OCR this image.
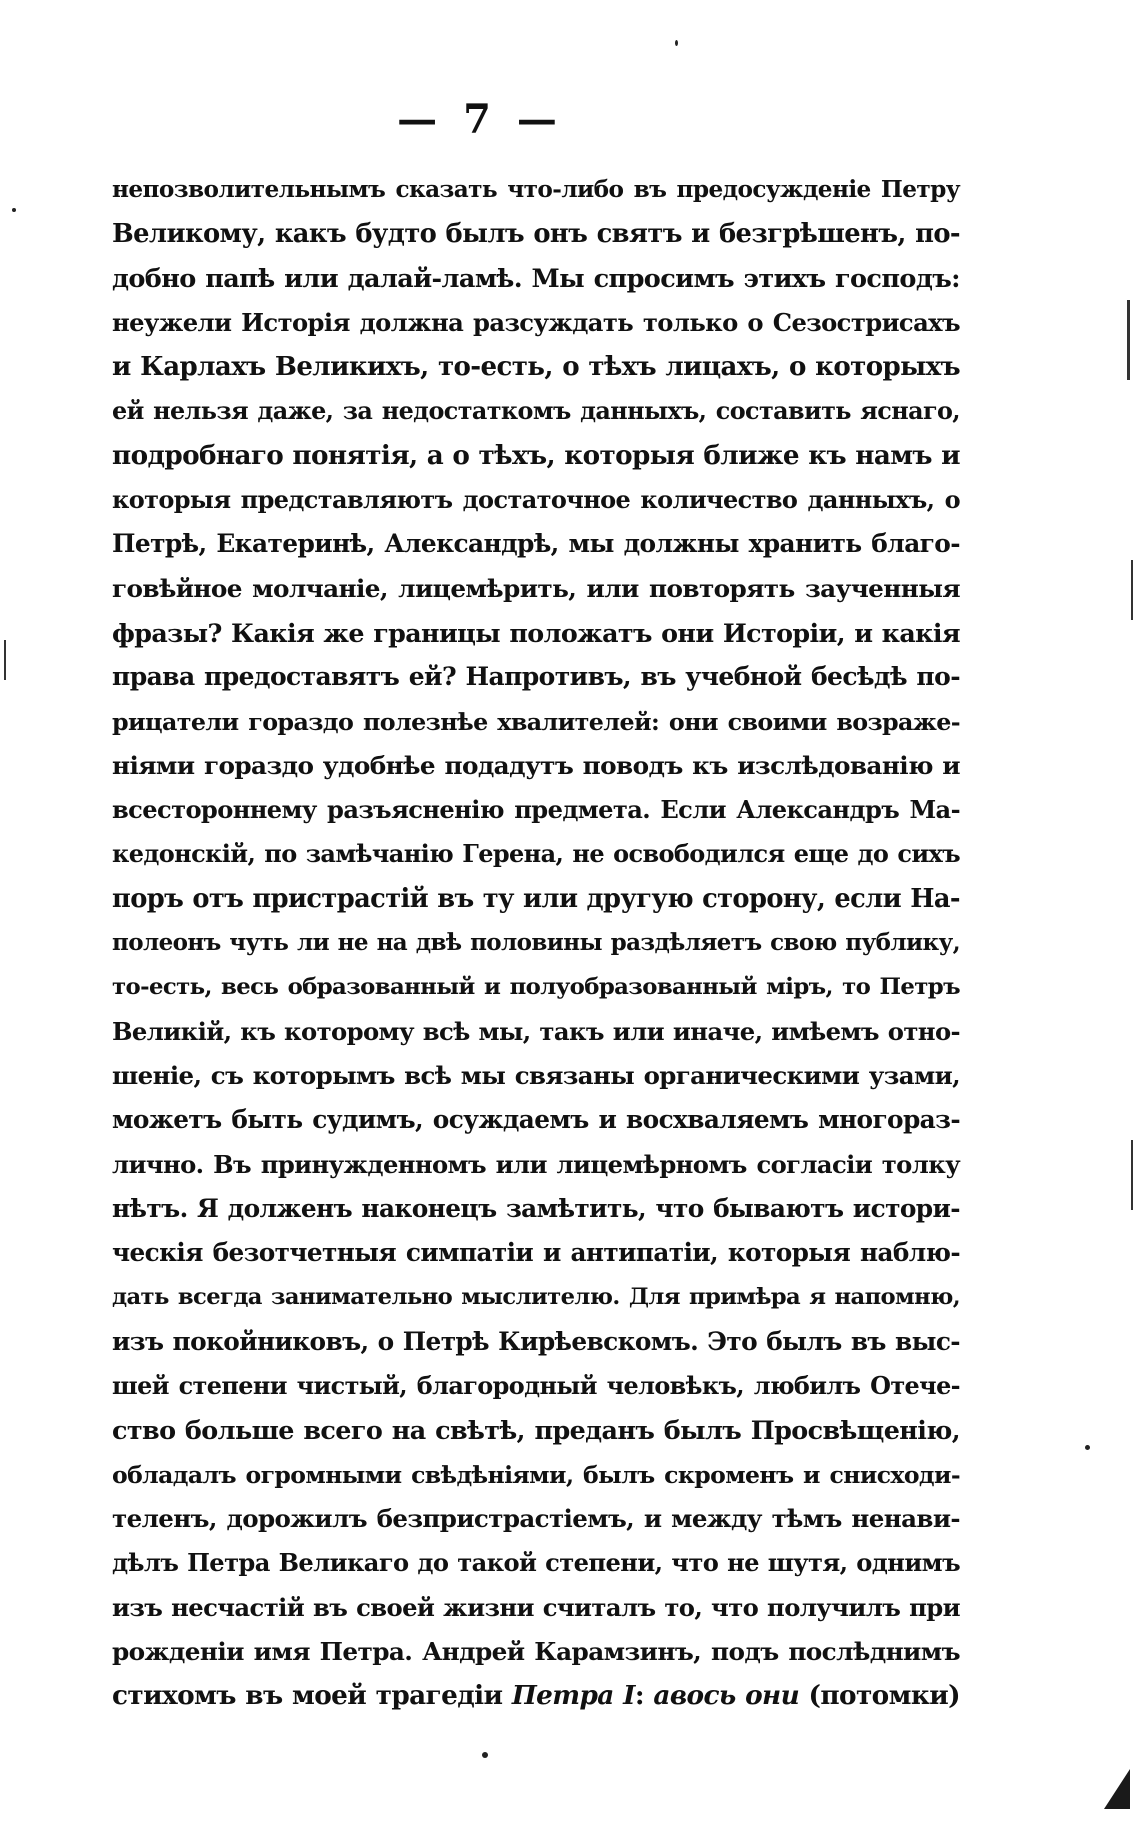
— 7 —
непозволительнымъ сказать что-либо въ предосужденіе Петру
Великому, какъ будто былъ онъ святъ и безгрѣшенъ, по-
добно папѣ или далай-ламѣ. Мы спросимъ этихъ господъ:
неужели Исторія должна разсуждать только о Сезострисахъ
и Карлахъ Великихъ, то-есть, о тѣхъ лицахъ, о которыхъ
ей нельзя даже, за недостаткомъ данныхъ, составить яснаго,
подробнаго понятія, а о тѣхъ, которыя ближе къ намъ и
которыя представляютъ достаточное количество данныхъ, о
Петрѣ, Екатеринѣ, Александрѣ, мы должны хранить благо-
говѣйное молчаніе, лицемѣрить, или повторять заученныя
фразы? Какія же границы положатъ они Исторіи, и какія
права предоставятъ ей? Напротивъ, въ учебной бесѣдѣ по-
рицатели гораздо полезнѣе хвалителей: они своими возраже-
ніями гораздо удобнѣе подадутъ поводъ къ изслѣдованію и
всестороннему разъясненію предмета. Если Александръ Ма-
кедонскій, по замѣчанію Герена, не освободился еще до сихъ
поръ отъ пристрастій въ ту или другую сторону, если На-
полеонъ чуть ли не на двѣ половины раздѣляетъ свою публику,
то-есть, весь образованный и полуобразованный міръ, то Петръ
Великій, къ которому всѣ мы, такъ или иначе, имѣемъ отно-
шеніе, съ которымъ всѣ мы связаны органическими узами,
можетъ быть судимъ, осуждаемъ и восхваляемъ многораз-
лично. Въ принужденномъ или лицемѣрномъ согласіи толку
нѣтъ. Я долженъ наконецъ замѣтить, что бываютъ истори-
ческія безотчетныя симпатіи и антипатіи, которыя наблю-
дать всегда занимательно мыслителю. Для примѣра я напомню,
изъ покойниковъ, о Петрѣ Кирѣевскомъ. Это былъ въ выс-
шей степени чистый, благородный человѣкъ, любилъ Отече-
ство больше всего на свѣтѣ, преданъ былъ Просвѣщенію,
обладалъ огромными свѣдѣніями, былъ скроменъ и снисходи-
теленъ, дорожилъ безпристрастіемъ, и между тѣмъ ненави-
дѣлъ Петра Великаго до такой степени, что не шутя, однимъ
изъ несчастій въ своей жизни считалъ то, что получилъ при
рожденіи имя Петра. Андрей Карамзинъ, подъ послѣднимъ
стихомъ въ моей трагедіи Петра I: авось они (потомки)
